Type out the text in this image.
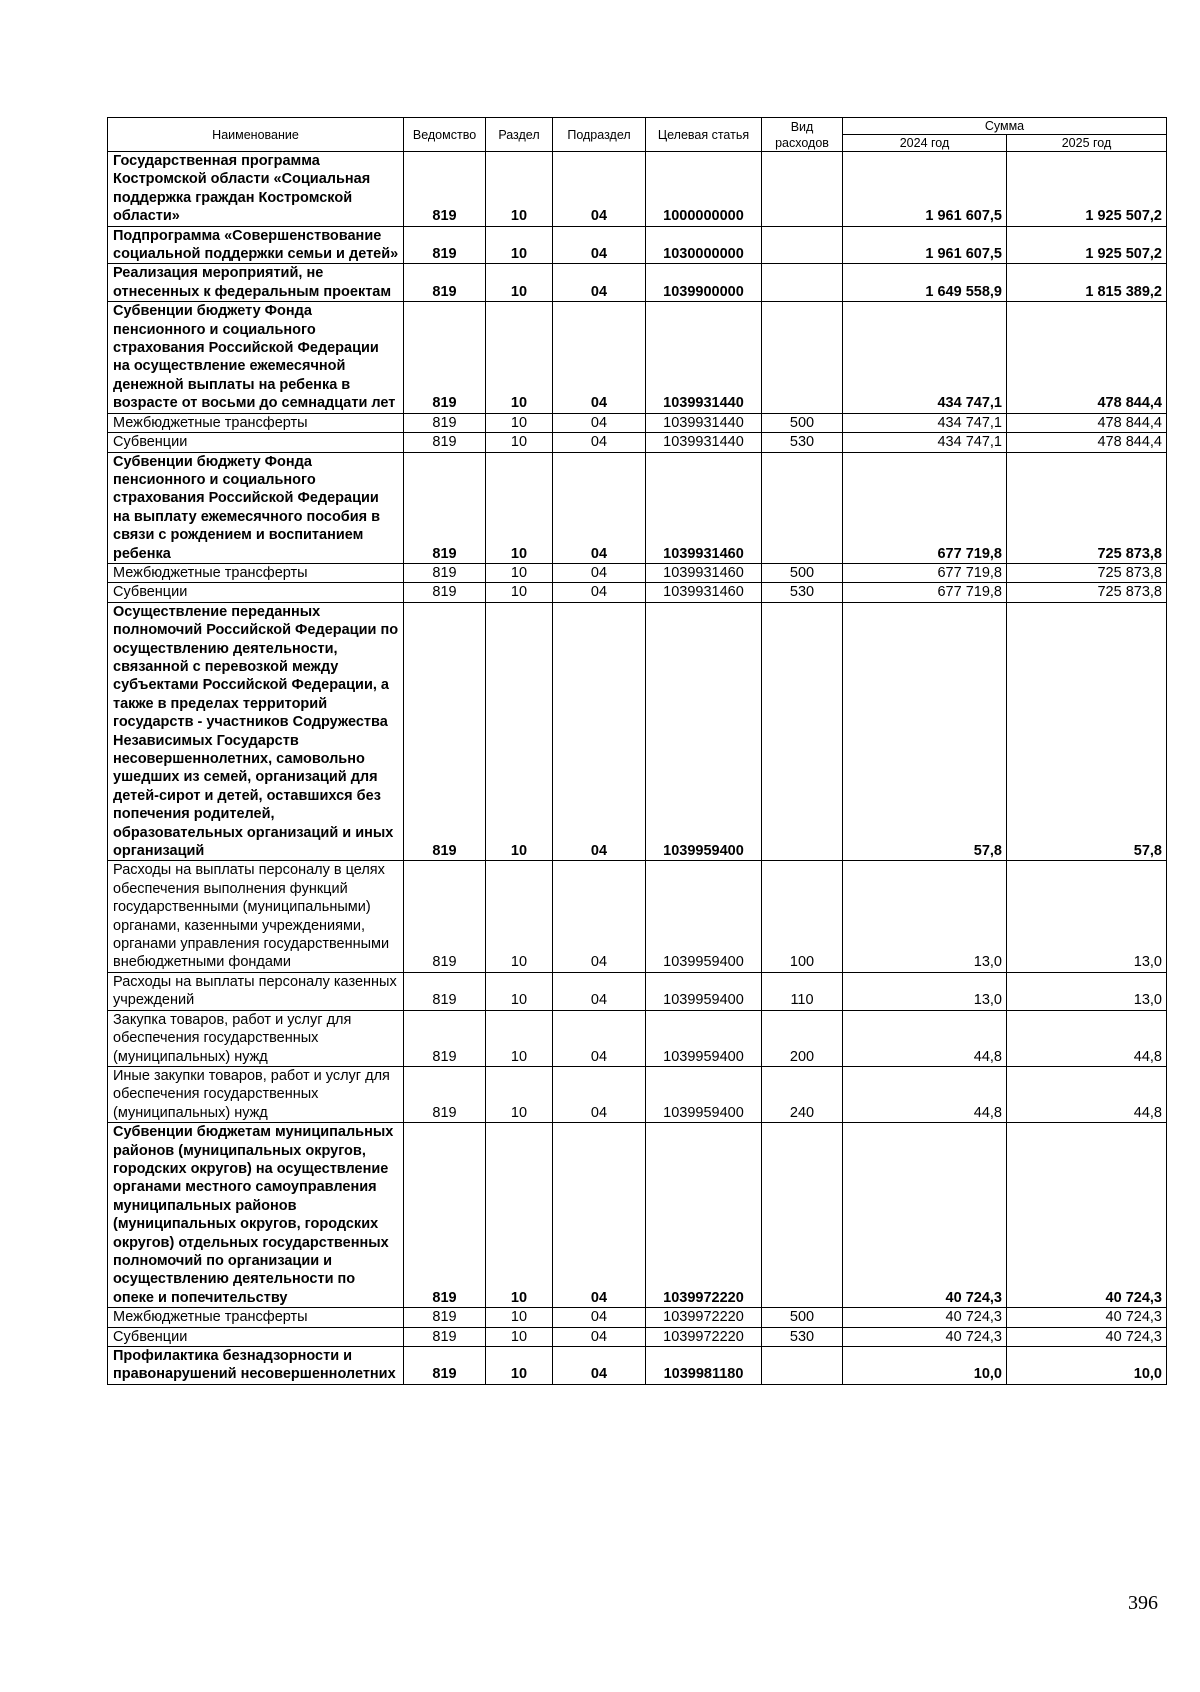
Наименование	Ведомство	Раздел	Подраздел	Целевая статья	Вид расходов	Сумма	
						2024 год	2025 год
Государственная программа Костромской области «Социальная поддержка граждан Костромской области»	819	10	04	1000000000		1 961 607,5	1 925 507,2
Подпрограмма «Совершенствование социальной поддержки семьи и детей»	819	10	04	1030000000		1 961 607,5	1 925 507,2
Реализация мероприятий, не отнесенных к федеральным проектам	819	10	04	1039900000		1 649 558,9	1 815 389,2
Субвенции бюджету Фонда пенсионного и социального страхования Российской Федерации на осуществление ежемесячной денежной выплаты на ребенка в возрасте от восьми до семнадцати лет	819	10	04	1039931440		434 747,1	478 844,4
Межбюджетные трансферты	819	10	04	1039931440	500	434 747,1	478 844,4
Субвенции	819	10	04	1039931440	530	434 747,1	478 844,4
Субвенции бюджету Фонда пенсионного и социального страхования Российской Федерации на выплату ежемесячного пособия в связи с рождением и воспитанием ребенка	819	10	04	1039931460		677 719,8	725 873,8
Межбюджетные трансферты	819	10	04	1039931460	500	677 719,8	725 873,8
Субвенции	819	10	04	1039931460	530	677 719,8	725 873,8
Осуществление переданных полномочий Российской Федерации по осуществлению деятельности, связанной с перевозкой между субъектами Российской Федерации, а также в пределах территорий государств - участников Содружества Независимых Государств несовершеннолетних, самовольно ушедших из семей, организаций для детей-сирот и детей, оставшихся без попечения родителей, образовательных организаций и иных организаций	819	10	04	1039959400		57,8	57,8
Расходы на выплаты персоналу в целях обеспечения выполнения функций государственными (муниципальными) органами, казенными учреждениями, органами управления государственными внебюджетными фондами	819	10	04	1039959400	100	13,0	13,0
Расходы на выплаты персоналу казенных учреждений	819	10	04	1039959400	110	13,0	13,0
Закупка товаров, работ и услуг для обеспечения государственных (муниципальных) нужд	819	10	04	1039959400	200	44,8	44,8
Иные закупки товаров, работ и услуг для обеспечения государственных (муниципальных) нужд	819	10	04	1039959400	240	44,8	44,8
Субвенции бюджетам муниципальных районов (муниципальных округов, городских округов) на осуществление органами местного самоуправления муниципальных районов (муниципальных округов, городских округов) отдельных государственных полномочий по организации и осуществлению деятельности по опеке и попечительству	819	10	04	1039972220		40 724,3	40 724,3
Межбюджетные трансферты	819	10	04	1039972220	500	40 724,3	40 724,3
Субвенции	819	10	04	1039972220	530	40 724,3	40 724,3
Профилактика безнадзорности и правонарушений несовершеннолетних	819	10	04	1039981180		10,0	10,0
396
